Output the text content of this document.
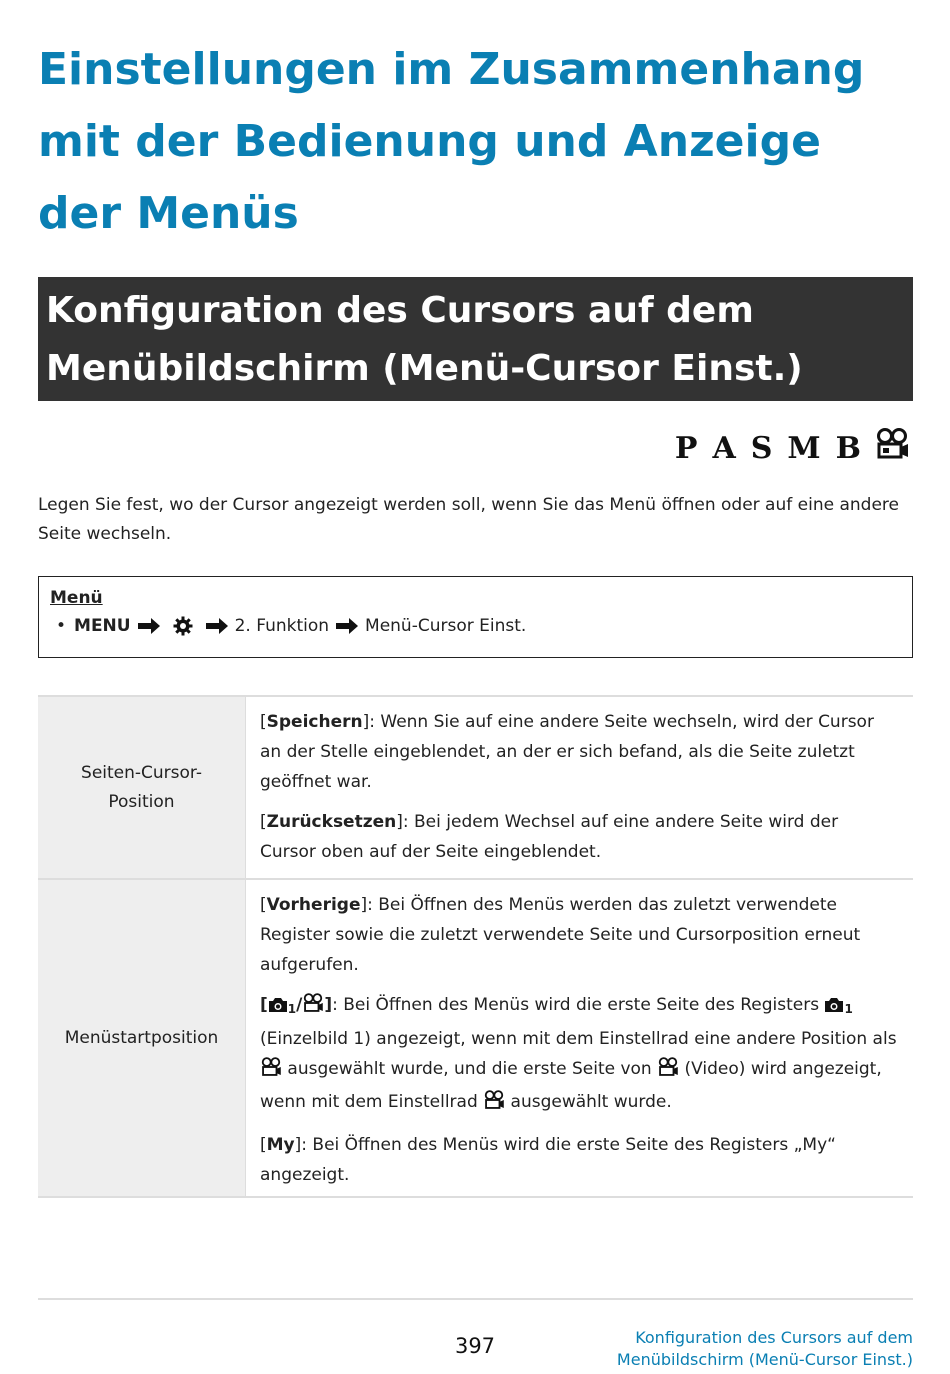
Einstellungen im Zusammenhang mit der Bedienung und Anzeige der Menüs
Konfiguration des Cursors auf dem Menübildschirm (Menü-Cursor Einst.)
P A S M B

Legen Sie fest, wo der Cursor angezeigt werden soll, wenn Sie das Menü öffnen oder auf eine andere Seite wechseln.

Menü
• MENU	2. Funktion Menü-Cursor Einst.
Seiten-Cursor-Position

[Speichern]: Wenn Sie auf eine andere Seite wechseln, wird der Cursor an der Stelle eingeblendet, an der er sich befand, als die Seite zuletzt geöffnet war.

[Zurücksetzen]: Bei jedem Wechsel auf eine andere Seite wird der Cursor oben auf der Seite eingeblendet.

Menüstartposition

[Vorherige]: Bei Öffnen des Menüs werden das zuletzt verwendete Register sowie die zuletzt verwendete Seite und Cursorposition erneut aufgerufen.

[ $_1$/ ]: Bei Öffnen des Menüs wird die erste Seite des Registers $_1$ (Einzelbild 1) angezeigt, wenn mit dem Einstellrad eine andere Position als  ausgewählt wurde, und die erste Seite von  (Video) wird angezeigt, wenn mit dem Einstellrad  ausgewählt wurde.

[My]: Bei Öffnen des Menüs wird die erste Seite des Registers „My“ angezeigt.

397	Konfiguration des Cursors auf dem Menübildschirm (Menü-Cursor Einst.)
